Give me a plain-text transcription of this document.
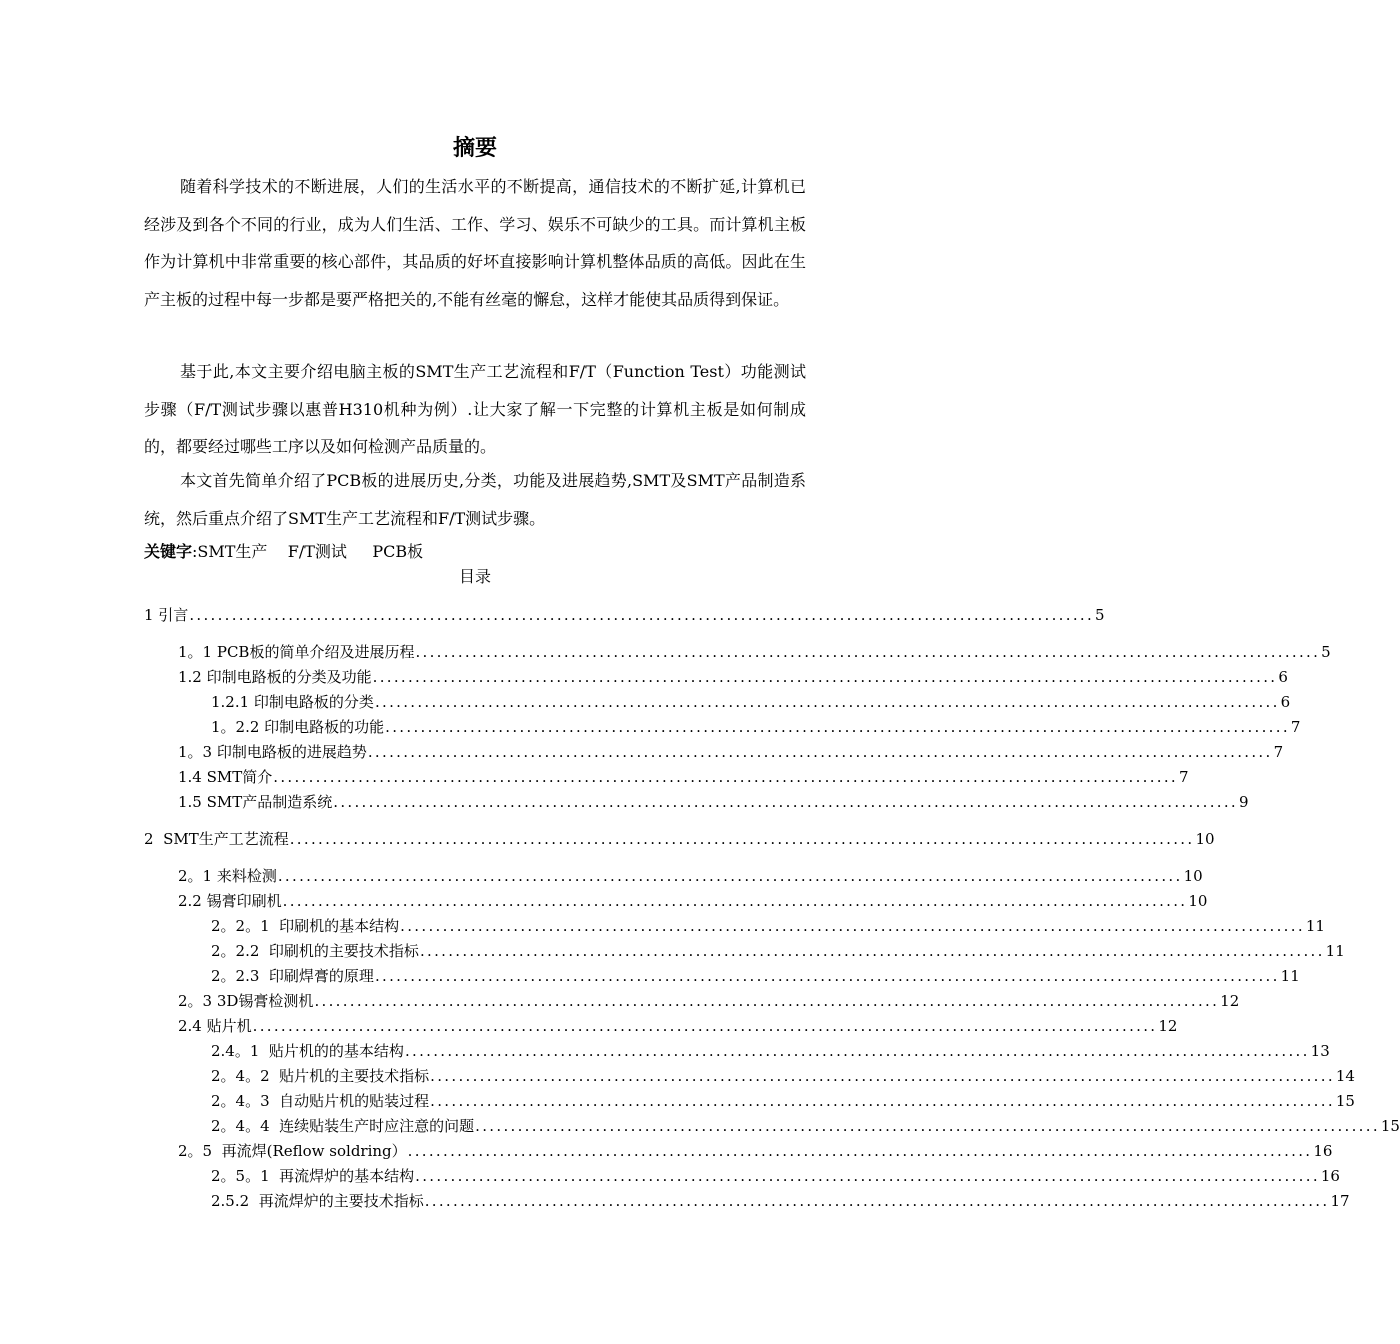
摘要

随着科学技术的不断进展，人们的生活水平的不断提高，通信技术的不断扩延,计算机已经涉及到各个不同的行业，成为人们生活、工作、学习、娱乐不可缺少的工具。而计算机主板作为计算机中非常重要的核心部件，其品质的好坏直接影响计算机整体品质的高低。因此在生产主板的过程中每一步都是要严格把关的,不能有丝毫的懈怠，这样才能使其品质得到保证。

基于此,本文主要介绍电脑主板的SMT生产工艺流程和F/T（Function Test）功能测试步骤（F/T测试步骤以惠普H310机种为例）.让大家了解一下完整的计算机主板是如何制成的，都要经过哪些工序以及如何检测产品质量的。

本文首先简单介绍了PCB板的进展历史,分类，功能及进展趋势,SMT及SMT产品制造系统，然后重点介绍了SMT生产工艺流程和F/T测试步骤。

关键字:SMT生产    F/T测试     PCB板
目录
1 引言 ................................................................................................................................ 5
1。1 PCB板的简单介绍及进展历程 ................................................................................................................................ 5
1.2 印制电路板的分类及功能 ................................................................................................................................ 6
1.2.1 印制电路板的分类 ................................................................................................................................ 6
1。2.2 印制电路板的功能 ................................................................................................................................ 7
1。3 印制电路板的进展趋势 ................................................................................................................................ 7
1.4 SMT简介 ................................................................................................................................ 7
1.5 SMT产品制造系统 ................................................................................................................................ 9
2  SMT生产工艺流程 ................................................................................................................................ 10
2。1 来料检测 ................................................................................................................................ 10
2.2 锡膏印刷机 ................................................................................................................................ 10
2。2。1  印刷机的基本结构 ................................................................................................................................ 11
2。2.2  印刷机的主要技术指标 ................................................................................................................................ 11
2。2.3  印刷焊膏的原理 ................................................................................................................................ 11
2。3 3D锡膏检测机 ................................................................................................................................ 12
2.4 贴片机 ................................................................................................................................ 12
2.4。1  贴片机的的基本结构 ................................................................................................................................ 13
2。4。2  贴片机的主要技术指标 ................................................................................................................................ 14
2。4。3  自动贴片机的贴装过程 ................................................................................................................................ 15
2。4。4  连续贴装生产时应注意的问题 ................................................................................................................................ 15
2。5  再流焊(Reflow soldring） ................................................................................................................................ 16
2。5。1  再流焊炉的基本结构 ................................................................................................................................ 16
2.5.2  再流焊炉的主要技术指标 ................................................................................................................................ 17
